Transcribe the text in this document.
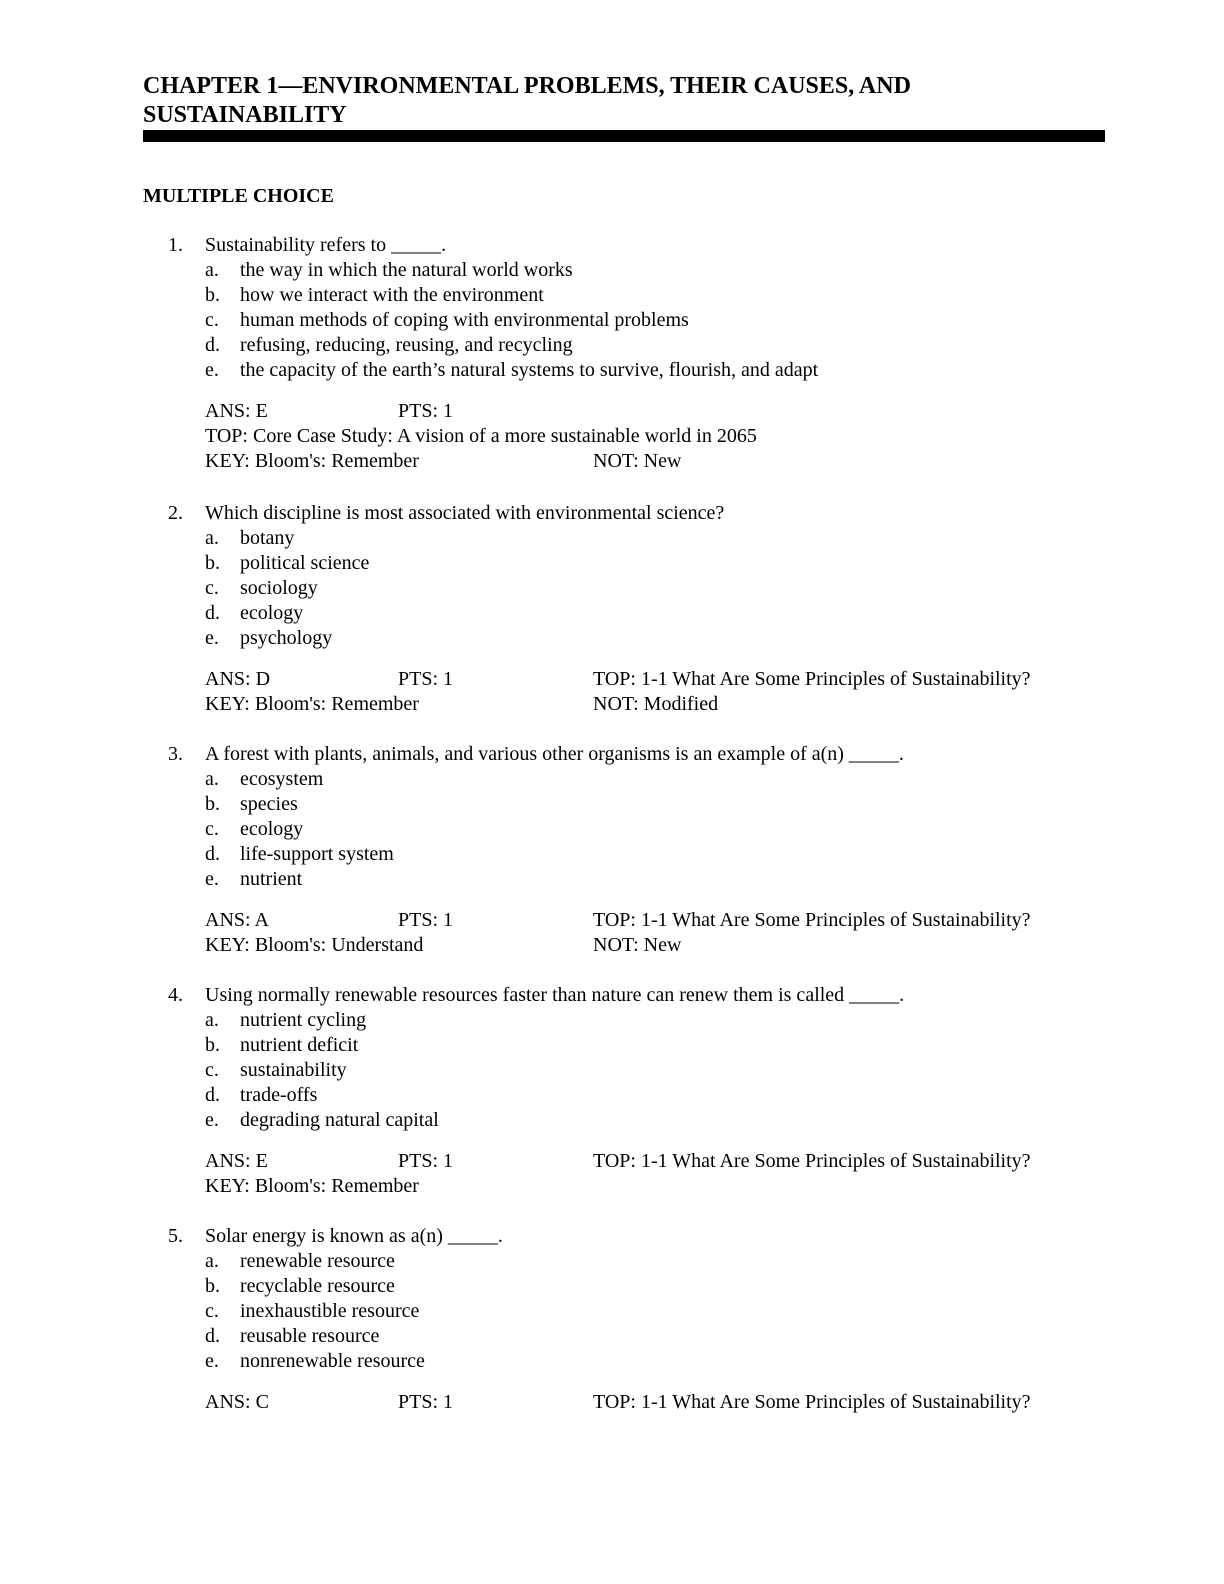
CHAPTER 1—ENVIRONMENTAL PROBLEMS, THEIR CAUSES, AND SUSTAINABILITY
MULTIPLE CHOICE
1. Sustainability refers to _____.
a. the way in which the natural world works
b. how we interact with the environment
c. human methods of coping with environmental problems
d. refusing, reducing, reusing, and recycling
e. the capacity of the earth’s natural systems to survive, flourish, and adapt
ANS: E	PTS: 1
TOP: Core Case Study: A vision of a more sustainable world in 2065
KEY: Bloom's: Remember	NOT: New
2. Which discipline is most associated with environmental science?
a. botany
b. political science
c. sociology
d. ecology
e. psychology
ANS: D	PTS: 1	TOP: 1-1 What Are Some Principles of Sustainability?
KEY: Bloom's: Remember	NOT: Modified
3. A forest with plants, animals, and various other organisms is an example of a(n) _____.
a. ecosystem
b. species
c. ecology
d. life-support system
e. nutrient
ANS: A	PTS: 1	TOP: 1-1 What Are Some Principles of Sustainability?
KEY: Bloom's: Understand	NOT: New
4. Using normally renewable resources faster than nature can renew them is called _____.
a. nutrient cycling
b. nutrient deficit
c. sustainability
d. trade-offs
e. degrading natural capital
ANS: E	PTS: 1	TOP: 1-1 What Are Some Principles of Sustainability?
KEY: Bloom's: Remember
5. Solar energy is known as a(n) _____.
a. renewable resource
b. recyclable resource
c. inexhaustible resource
d. reusable resource
e. nonrenewable resource
ANS: C	PTS: 1	TOP: 1-1 What Are Some Principles of Sustainability?
